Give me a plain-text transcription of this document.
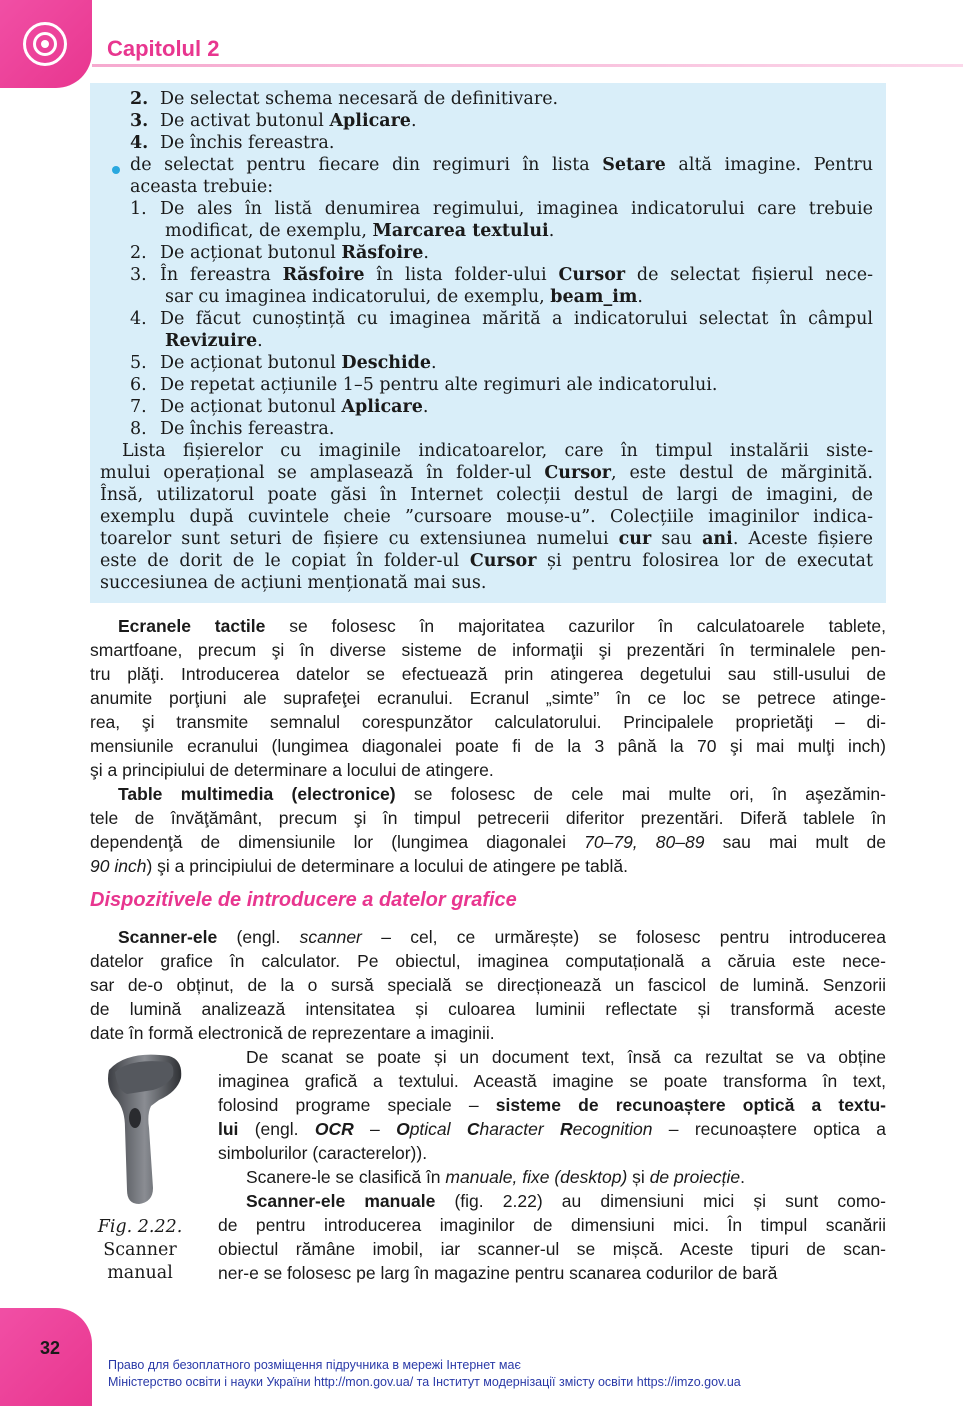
Capitolul 2
2. De selectat schema necesară de definitivare.
3. De activat butonul Aplicare.
4. De închis fereastra.
de selectat pentru fiecare din regimuri în lista Setare altă imagine. Pentru
aceasta trebuie:
1. De ales în listă denumirea regimului, imaginea indicatorului care trebuie
modificat, de exemplu, Marcarea textului.
2. De acționat butonul Răsfoire.
3. În fereastra Răsfoire în lista folder-ului Cursor de selectat fișierul nece-
sar cu imaginea indicatorului, de exemplu, beam_im.
4. De făcut cunoștință cu imaginea mărită a indicatorului selectat în câmpul
Revizuire.
5. De acționat butonul Deschide.
6. De repetat acțiunile 1–5 pentru alte regimuri ale indicatorului.
7. De acționat butonul Aplicare.
8. De închis fereastra.
Lista fișierelor cu imaginile indicatoarelor, care în timpul instalării siste-
mului operațional se amplasează în folder-ul Cursor, este destul de mărginită.
Însă, utilizatorul poate găsi în Internet colecții destul de largi de imagini, de
exemplu după cuvintele cheie ”cursoare mouse-u”. Colecțiile imaginilor indica-
toarelor sunt seturi de fișiere cu extensiunea numelui cur sau ani. Aceste fișiere
este de dorit de le copiat în folder-ul Cursor și pentru folosirea lor de executat
succesiunea de acțiuni menționată mai sus.
Ecranele tactile se folosesc în majoritatea cazurilor în calculatoarele tablete,
smartfoane, precum şi în diverse sisteme de informaţii şi prezentări în terminalele pen-
tru plăţi. Introducerea datelor se efectuează prin atingerea degetului sau still-usului de
anumite porţiuni ale suprafeţei ecranului. Ecranul „simte” în ce loc se petrece atinge-
rea, şi transmite semnalul corespunzător calculatorului. Principalele proprietăţi – di-
mensiunile ecranului (lungimea diagonalei poate fi de la 3 până la 70 şi mai mulţi inch)
şi a principiului de determinare a locului de atingere.
Table multimedia (electronice) se folosesc de cele mai multe ori, în aşezămin-
tele de învăţământ, precum şi în timpul petrecerii diferitor prezentări. Diferă tablele în
dependenţă de dimensiunile lor (lungimea diagonalei 70–79, 80–89 sau mai mult de
90 inch) şi a principiului de determinare a locului de atingere pe tablă.
Dispozitivele de introducere a datelor grafice
Scanner-ele (engl. scanner – cel, ce urmărește) se folosesc pentru introducerea
datelor grafice în calculator. Pe obiectul, imaginea computațională a căruia este nece-
sar de-o obținut, de la o sursă specială se direcționează un fascicol de lumină. Senzorii
de lumină analizează intensitatea și culoarea luminii reflectate și transformă aceste
date în formă electronică de reprezentare a imaginii.
De scanat se poate și un document text, însă ca rezultat se va obține
imaginea grafică a textului. Această imagine se poate transforma în text,
folosind programe speciale – sisteme de recunoaștere optică a textu-
lui (engl. OCR – Optical Character Recognition – recunoaștere optica a
simbolurilor (caracterelor)).
Scanere-le se clasifică în manuale, fixe (desktop) și de proiecție.
Scanner-ele manuale (fig. 2.22) au dimensiuni mici și sunt como-
de pentru introducerea imaginilor de dimensiuni mici. În timpul scanării
obiectul rămâne imobil, iar scanner-ul se mișcă. Aceste tipuri de scan-
ner-e se folosesc pe larg în magazine pentru scanarea codurilor de bară
Fig. 2.22.
Scanner
manual
32
Право для безоплатного розміщення підручника в мережі Інтернет має
Міністерство освіти і науки України http://mon.gov.ua/ та Інститут модернізації змісту освіти https://imzo.gov.ua
